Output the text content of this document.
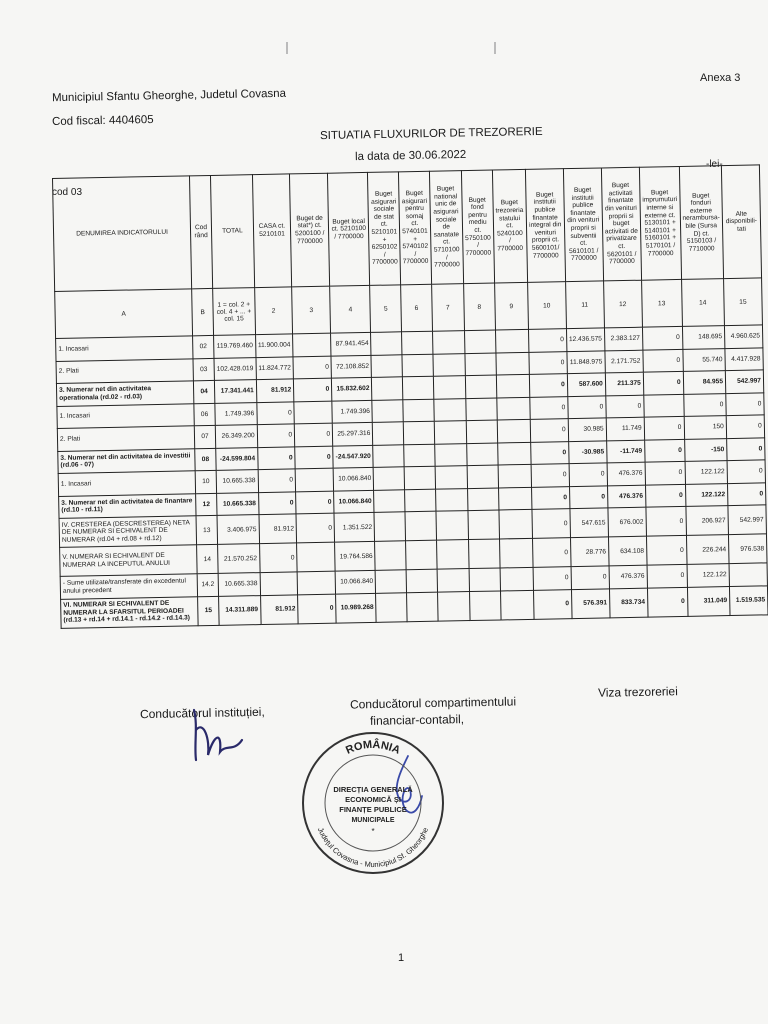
Anexa 3
Municipiul Sfantu Gheorghe, Judetul Covasna
Cod fiscal: 4404605
SITUATIA FLUXURILOR DE TREZORERIE
la data de 30.06.2022
-lei-
cod 03
DENUMIREA INDICATORULUI	Cod rând	TOTAL	CASA ct. 5210101	Buget de stat*) ct. 5200100 / 7700000	Buget local ct. 5210100 / 7700000	Buget asigurari sociale de stat ct. 5210101 + 6250102 / 7700000	Buget asigurari pentru somaj ct. 5740101 + 5740102 / 7700000	Buget national unic de asigurari sociale de sanatate ct. 5710100 / 7700000	Buget fond pentru mediu ct. 5750100 / 7700000	Buget trezoreria statului ct. 5240100 / 7700000	Buget institutii publice finantate integral din venituri proprii ct. 5600101/ 7700000	Buget institutii publice finantate din venituri proprii si subventii ct. 5610101 / 7700000	Buget activitati finantate din venituri proprii si buget activitati de privatizare ct. 5620101 / 7700000	Buget imprumuturi interne si externe ct. 5130101 + 5140101 + 5160101 + 5170101 / 7700000	Buget fonduri externe nerambursa-bile (Sursa D) ct. 5150103 / 7710000	Alte disponibili-tati
A	B	1 = col. 2 + col. 4 + ... + col. 15	2	3	4	5	6	7	8	9	10	11	12	13	14	15
1. Incasari	02	119.769.460	11.900.004		87.941.454						0	12.436.575	2.383.127	0	148.695	4.960.625
2. Plati	03	102.428.019	11.824.772	0	72.108.852						0	11.848.975	2.171.752	0	55.740	4.417.928
3. Numerar net din activitatea operationala (rd.02 - rd.03)	04	17.341.441	81.912	0	15.832.602						0	587.600	211.375	0	84.955	542.997
1. Incasari	06	1.749.396	0		1.749.396						0	0	0		0	0
2. Plati	07	26.349.200	0	0	25.297.316						0	30.985	11.749	0	150	0
3. Numerar net din activitatea de investitii (rd.06 - 07)	08	-24.599.804	0	0	-24.547.920						0	-30.985	-11.749	0	-150	0
1. Incasari	10	10.665.338	0		10.066.840						0	0	476.376	0	122.122	0
3. Numerar net din activitatea de finantare (rd.10 - rd.11)	12	10.665.338	0	0	10.066.840						0	0	476.376	0	122.122	0
IV. CRESTEREA (DESCRESTEREA) NETA DE NUMERAR SI ECHIVALENT DE NUMERAR (rd.04 + rd.08 + rd.12)	13	3.406.975	81.912	0	1.351.522						0	547.615	676.002	0	206.927	542.997
V. NUMERAR SI ECHIVALENT DE NUMERAR LA INCEPUTUL ANULUI	14	21.570.252	0		19.764.586						0	28.776	634.108	0	226.244	976.538
- Sume utilizate/transferate din excedentul anului precedent	14.2	10.665.338			10.066.840						0	0	476.376	0	122.122	
VI. NUMERAR SI ECHIVALENT DE NUMERAR LA SFARSITUL PERIOADEI (rd.13 + rd.14 + rd.14.1 - rd.14.2 - rd.14.3)	15	14.311.889	81.912	0	10.989.268						0	576.391	833.734	0	311.049	1.519.535
Conducătorul instituției,
Conducătorul compartimentului
financiar-contabil,
Viza trezoreriei
ROMÂNIA
Județul Covasna - Municipiul Sf. Gheorghe
DIRECȚIA GENERALĂ
ECONOMICĂ ȘI
FINANȚE PUBLICE
MUNICIPALE
*
1
